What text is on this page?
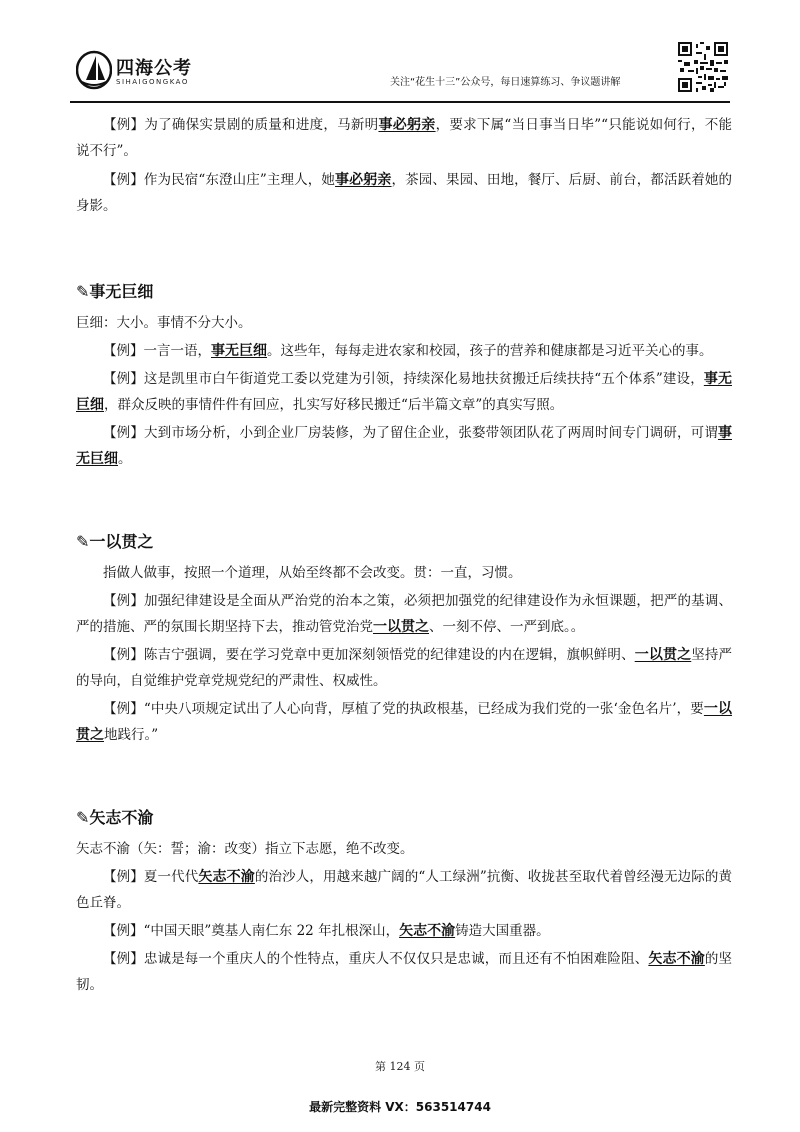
四海公考
SIHAIGONGKAO	关注“花生十三”公众号，每日速算练习、争议题讲解

【例】为了确保实景剧的质量和进度，马新明事必躬亲，要求下属“当日事当日毕”“只能说如何行，不能说不行”。

【例】作为民宿“东澄山庄”主理人，她事必躬亲，茶园、果园、田地，餐厅、后厨、前台，都活跃着她的身影。

✎事无巨细
巨细：大小。事情不分大小。

【例】一言一语，事无巨细。这些年，每每走进农家和校园，孩子的营养和健康都是习近平关心的事。

【例】这是凯里市白午街道党工委以党建为引领，持续深化易地扶贫搬迁后续扶持“五个体系”建设，事无巨细，群众反映的事情件件有回应，扎实写好移民搬迁“后半篇文章”的真实写照。

【例】大到市场分析，小到企业厂房装修，为了留住企业，张婺带领团队花了两周时间专门调研，可谓事无巨细。

✎一以贯之
指做人做事，按照一个道理，从始至终都不会改变。贯：一直，习惯。

【例】加强纪律建设是全面从严治党的治本之策，必须把加强党的纪律建设作为永恒课题，把严的基调、严的措施、严的氛围长期坚持下去，推动管党治党一以贯之、一刻不停、一严到底。。

【例】陈吉宁强调，要在学习党章中更加深刻领悟党的纪律建设的内在逻辑，旗帜鲜明、一以贯之坚持严的导向，自觉维护党章党规党纪的严肃性、权威性。

【例】“中央八项规定试出了人心向背，厚植了党的执政根基，已经成为我们党的一张‘金色名片’，要一以贯之地践行。”

✎矢志不渝
矢志不渝（矢：誓；渝：改变）指立下志愿，绝不改变。

【例】夏一代代矢志不渝的治沙人，用越来越广阔的“人工绿洲”抗衡、收拢甚至取代着曾经漫无边际的黄色丘脊。

【例】“中国天眼”奠基人南仁东 22 年扎根深山，矢志不渝铸造大国重器。

【例】忠诚是每一个重庆人的个性特点，重庆人不仅仅只是忠诚，而且还有不怕困难险阻、矢志不渝的坚韧。

第 124 页
最新完整资料 VX：563514744
